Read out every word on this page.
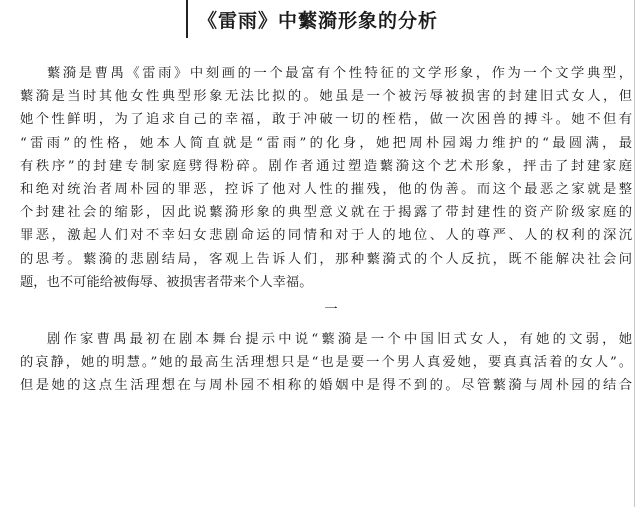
《雷雨》中蘩漪形象的分析
蘩漪是曹禺《雷雨》中刻画的一个最富有个性特征的文学形象，作为一个文学典型，
蘩漪是当时其他女性典型形象无法比拟的。她虽是一个被污辱被损害的封建旧式女人，但
她个性鲜明，为了追求自己的幸福，敢于冲破一切的桎梏，做一次困兽的搏斗。她不但有
“雷雨”的性格，她本人简直就是“雷雨”的化身，她把周朴园竭力维护的“最圆满，最
有秩序”的封建专制家庭劈得粉碎。剧作者通过塑造蘩漪这个艺术形象，抨击了封建家庭
和绝对统治者周朴园的罪恶，控诉了他对人性的摧残，他的伪善。而这个最恶之家就是整
个封建社会的缩影，因此说蘩漪形象的典型意义就在于揭露了带封建性的资产阶级家庭的
罪恶，激起人们对不幸妇女悲剧命运的同情和对于人的地位、人的尊严、人的权利的深沉
的思考。蘩漪的悲剧结局，客观上告诉人们，那种蘩漪式的个人反抗，既不能解决社会问
题，也不可能给被侮辱、被损害者带来个人幸福。
一
剧作家曹禺最初在剧本舞台提示中说“蘩漪是一个中国旧式女人，有她的文弱，她
的哀静，她的明慧。”她的最高生活理想只是“也是要一个男人真爱她，要真真活着的女人”。
但是她的这点生活理想在与周朴园不相称的婚姻中是得不到的。尽管蘩漪与周朴园的结合
